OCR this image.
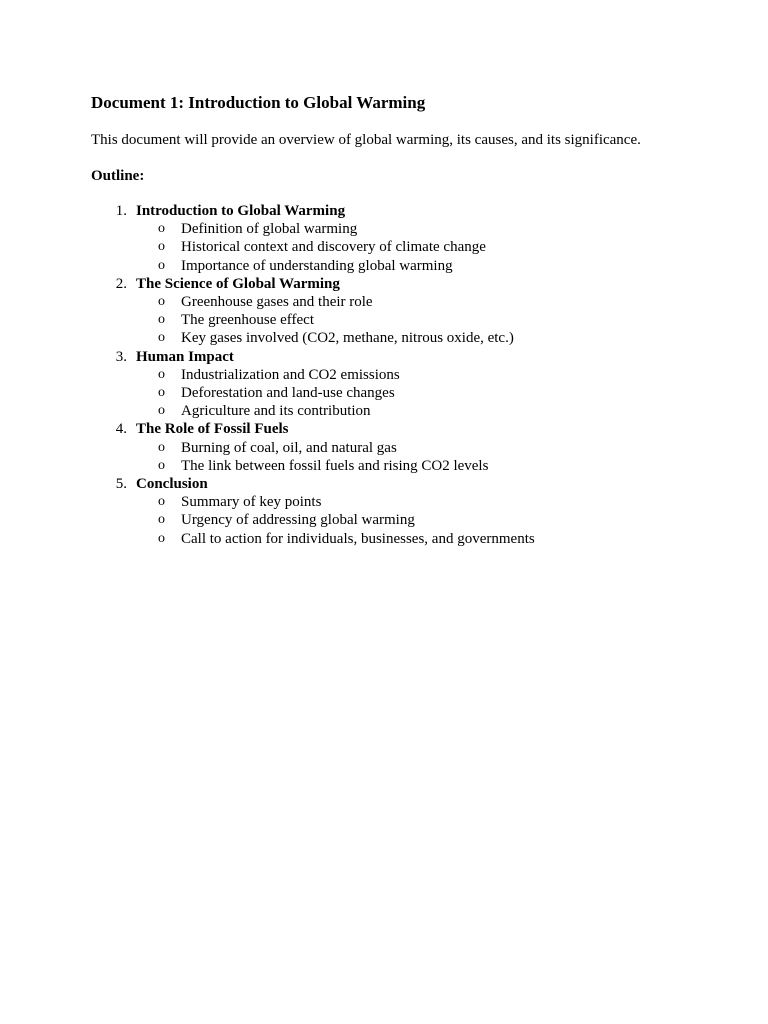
Document 1: Introduction to Global Warming

This document will provide an overview of global warming, its causes, and its significance.

Outline:

1. Introduction to Global Warming
o Definition of global warming
o Historical context and discovery of climate change
o Importance of understanding global warming
2. The Science of Global Warming
o Greenhouse gases and their role
o The greenhouse effect
o Key gases involved (CO2, methane, nitrous oxide, etc.)
3. Human Impact
o Industrialization and CO2 emissions
o Deforestation and land-use changes
o Agriculture and its contribution
4. The Role of Fossil Fuels
o Burning of coal, oil, and natural gas
o The link between fossil fuels and rising CO2 levels
5. Conclusion
o Summary of key points
o Urgency of addressing global warming
o Call to action for individuals, businesses, and governments
